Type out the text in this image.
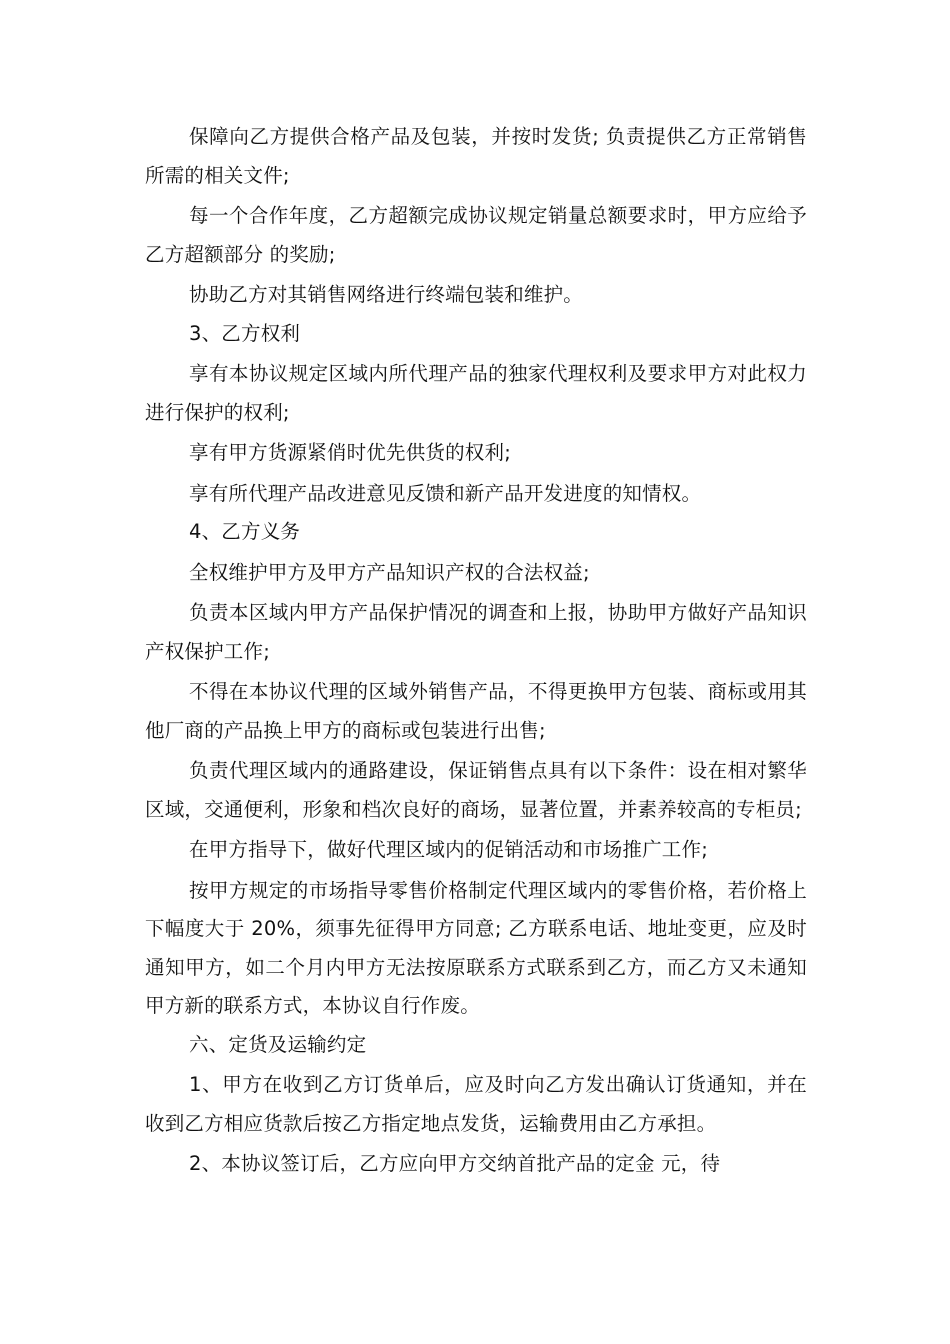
保障向乙方提供合格产品及包装，并按时发货; 负责提供乙方正常销售所需的相关文件;

每一个合作年度，乙方超额完成协议规定销量总额要求时，甲方应给予乙方超额部分 的奖励;

协助乙方对其销售网络进行终端包装和维护。

3、乙方权利

享有本协议规定区域内所代理产品的独家代理权利及要求甲方对此权力进行保护的权利;

享有甲方货源紧俏时优先供货的权利;

享有所代理产品改进意见反馈和新产品开发进度的知情权。

4、乙方义务

全权维护甲方及甲方产品知识产权的合法权益;

负责本区域内甲方产品保护情况的调查和上报，协助甲方做好产品知识产权保护工作;

不得在本协议代理的区域外销售产品，不得更换甲方包装、商标或用其他厂商的产品换上甲方的商标或包装进行出售;

负责代理区域内的通路建设，保证销售点具有以下条件：设在相对繁华区域，交通便利，形象和档次良好的商场，显著位置，并素养较高的专柜员;

在甲方指导下，做好代理区域内的促销活动和市场推广工作;

按甲方规定的市场指导零售价格制定代理区域内的零售价格，若价格上下幅度大于 20%，须事先征得甲方同意; 乙方联系电话、地址变更，应及时通知甲方，如二个月内甲方无法按原联系方式联系到乙方，而乙方又未通知甲方新的联系方式，本协议自行作废。

六、定货及运输约定

1、甲方在收到乙方订货单后，应及时向乙方发出确认订货通知，并在收到乙方相应货款后按乙方指定地点发货，运输费用由乙方承担。

2、本协议签订后，乙方应向甲方交纳首批产品的定金 元，待
